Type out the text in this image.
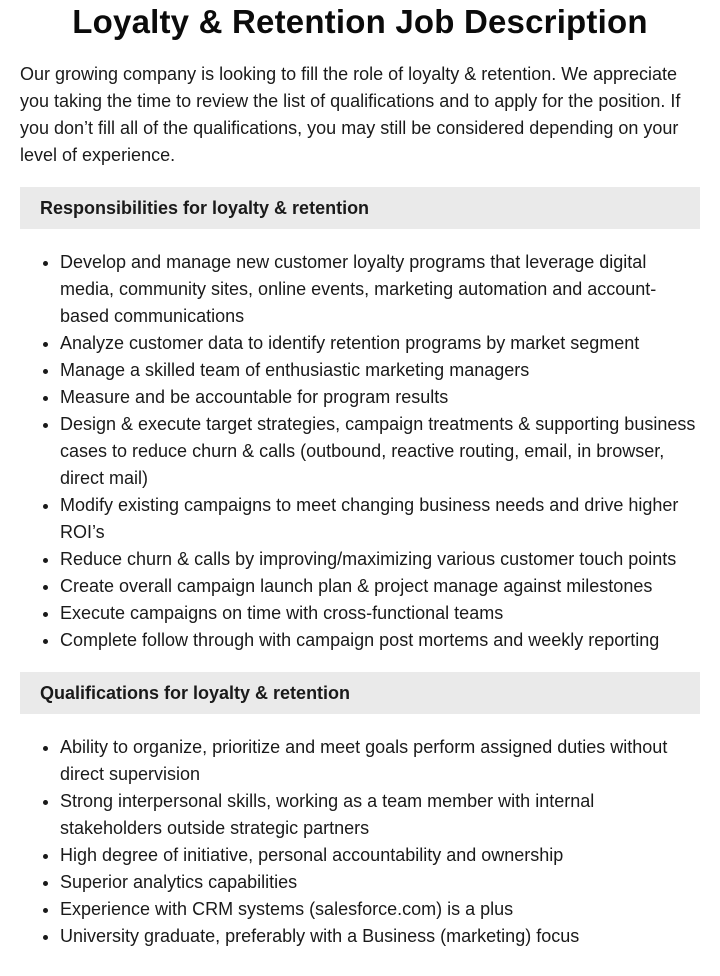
Loyalty & Retention Job Description

Our growing company is looking to fill the role of loyalty & retention. We appreciate you taking the time to review the list of qualifications and to apply for the position. If you don’t fill all of the qualifications, you may still be considered depending on your level of experience.

Responsibilities for loyalty & retention
• Develop and manage new customer loyalty programs that leverage digital media, community sites, online events, marketing automation and account-based communications
• Analyze customer data to identify retention programs by market segment
• Manage a skilled team of enthusiastic marketing managers
• Measure and be accountable for program results
• Design & execute target strategies, campaign treatments & supporting business cases to reduce churn & calls (outbound, reactive routing, email, in browser, direct mail)
• Modify existing campaigns to meet changing business needs and drive higher ROI’s
• Reduce churn & calls by improving/maximizing various customer touch points
• Create overall campaign launch plan & project manage against milestones
• Execute campaigns on time with cross-functional teams
• Complete follow through with campaign post mortems and weekly reporting
Qualifications for loyalty & retention
• Ability to organize, prioritize and meet goals perform assigned duties without direct supervision
• Strong interpersonal skills, working as a team member with internal stakeholders outside strategic partners
• High degree of initiative, personal accountability and ownership
• Superior analytics capabilities
• Experience with CRM systems (salesforce.com) is a plus
• University graduate, preferably with a Business (marketing) focus
